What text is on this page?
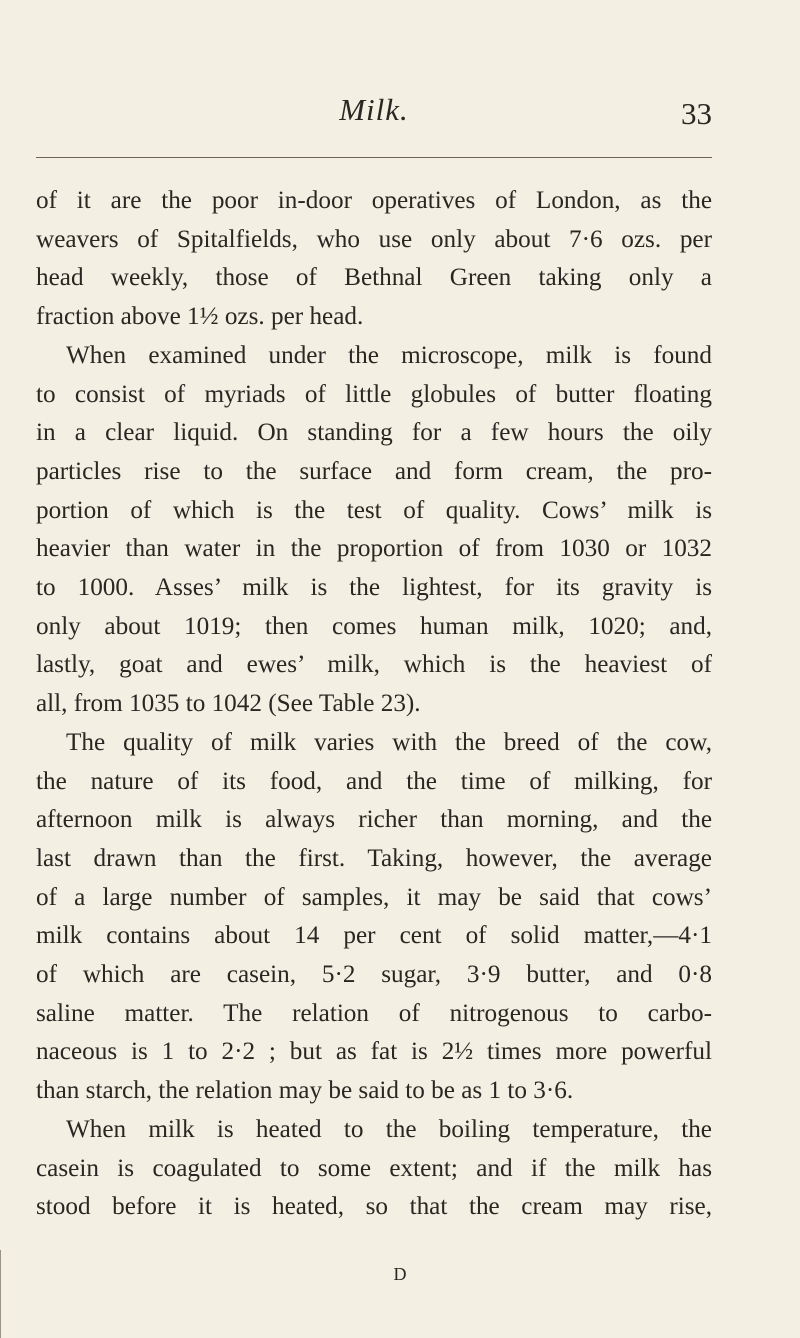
Milk.	33
of it are the poor in-door operatives of London, as the
weavers of Spitalfields, who use only about 7·6 ozs. per
head weekly, those of Bethnal Green taking only a
fraction above 1½ ozs. per head.
When examined under the microscope, milk is found
to consist of myriads of little globules of butter floating
in a clear liquid. On standing for a few hours the oily
particles rise to the surface and form cream, the pro-
portion of which is the test of quality. Cows’ milk is
heavier than water in the proportion of from 1030 or 1032
to 1000. Asses’ milk is the lightest, for its gravity is
only about 1019; then comes human milk, 1020; and,
lastly, goat and ewes’ milk, which is the heaviest of
all, from 1035 to 1042 (See Table 23).
The quality of milk varies with the breed of the cow,
the nature of its food, and the time of milking, for
afternoon milk is always richer than morning, and the
last drawn than the first. Taking, however, the average
of a large number of samples, it may be said that cows’
milk contains about 14 per cent of solid matter,—4·1
of which are casein, 5·2 sugar, 3·9 butter, and 0·8
saline matter. The relation of nitrogenous to carbo-
naceous is 1 to 2·2 ; but as fat is 2½ times more powerful
than starch, the relation may be said to be as 1 to 3·6.
When milk is heated to the boiling temperature, the
casein is coagulated to some extent; and if the milk has
stood before it is heated, so that the cream may rise,
D
